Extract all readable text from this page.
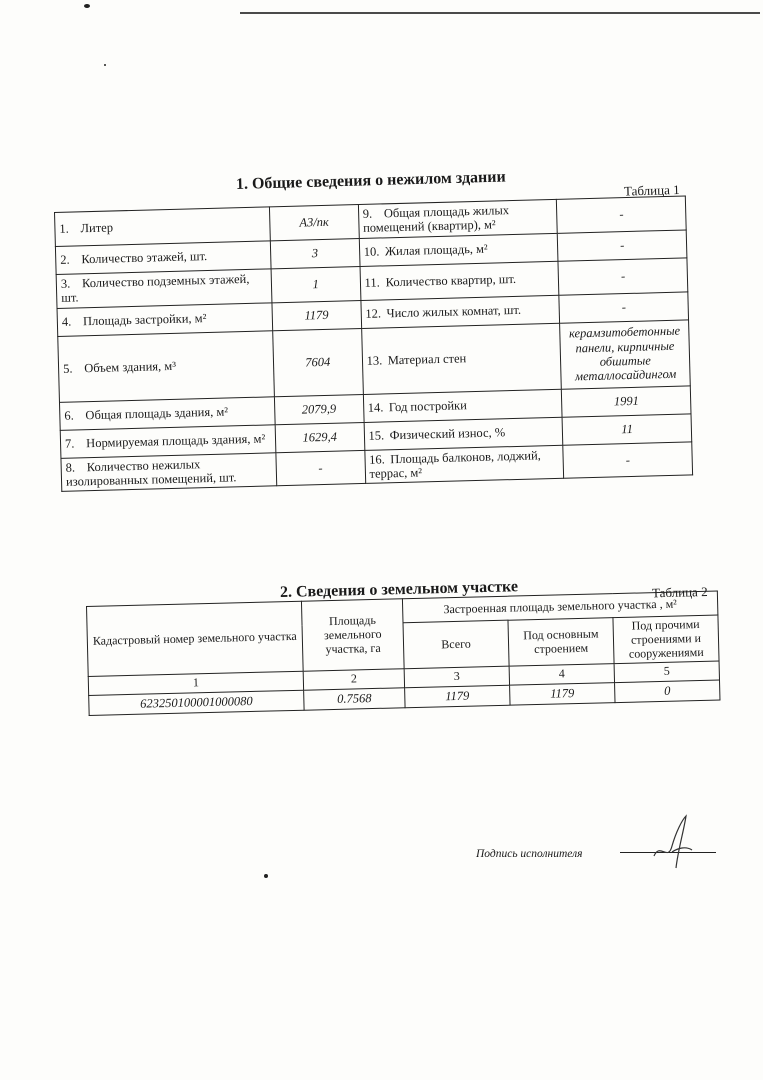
1. Общие сведения о нежилом здании	Таблица 1
1. Литер	А3/пк	9. Общая площадь жилых помещений (квартир), м²	-
2. Количество этажей, шт.	3	10. Жилая площадь, м²	-
3. Количество подземных этажей, шт.	1	11. Количество квартир, шт.	-
4. Площадь застройки, м²	1179	12. Число жилых комнат, шт.	-
5. Объем здания, м³	7604	13. Материал стен	керамзитобетонные панели, кирпичные обшитые металлосайдингом
6. Общая площадь здания, м²	2079,9	14. Год постройки	1991
7. Нормируемая площадь здания, м²	1629,4	15. Физический износ, %	11
8. Количество нежилых изолированных помещений, шт.	-	16. Площадь балконов, лоджий, террас, м²	-
2. Сведения о земельном участке	Таблица 2
Кадастровый номер земельного участка	Площадь земельного участка, га	Застроенная площадь земельного участка , м²		
		Всего	Под основным строением	Под прочими строениями и сооружениями
1	2	3	4	5
623250100001000080	0.7568	1179	1179	0
Подпись исполнителя
